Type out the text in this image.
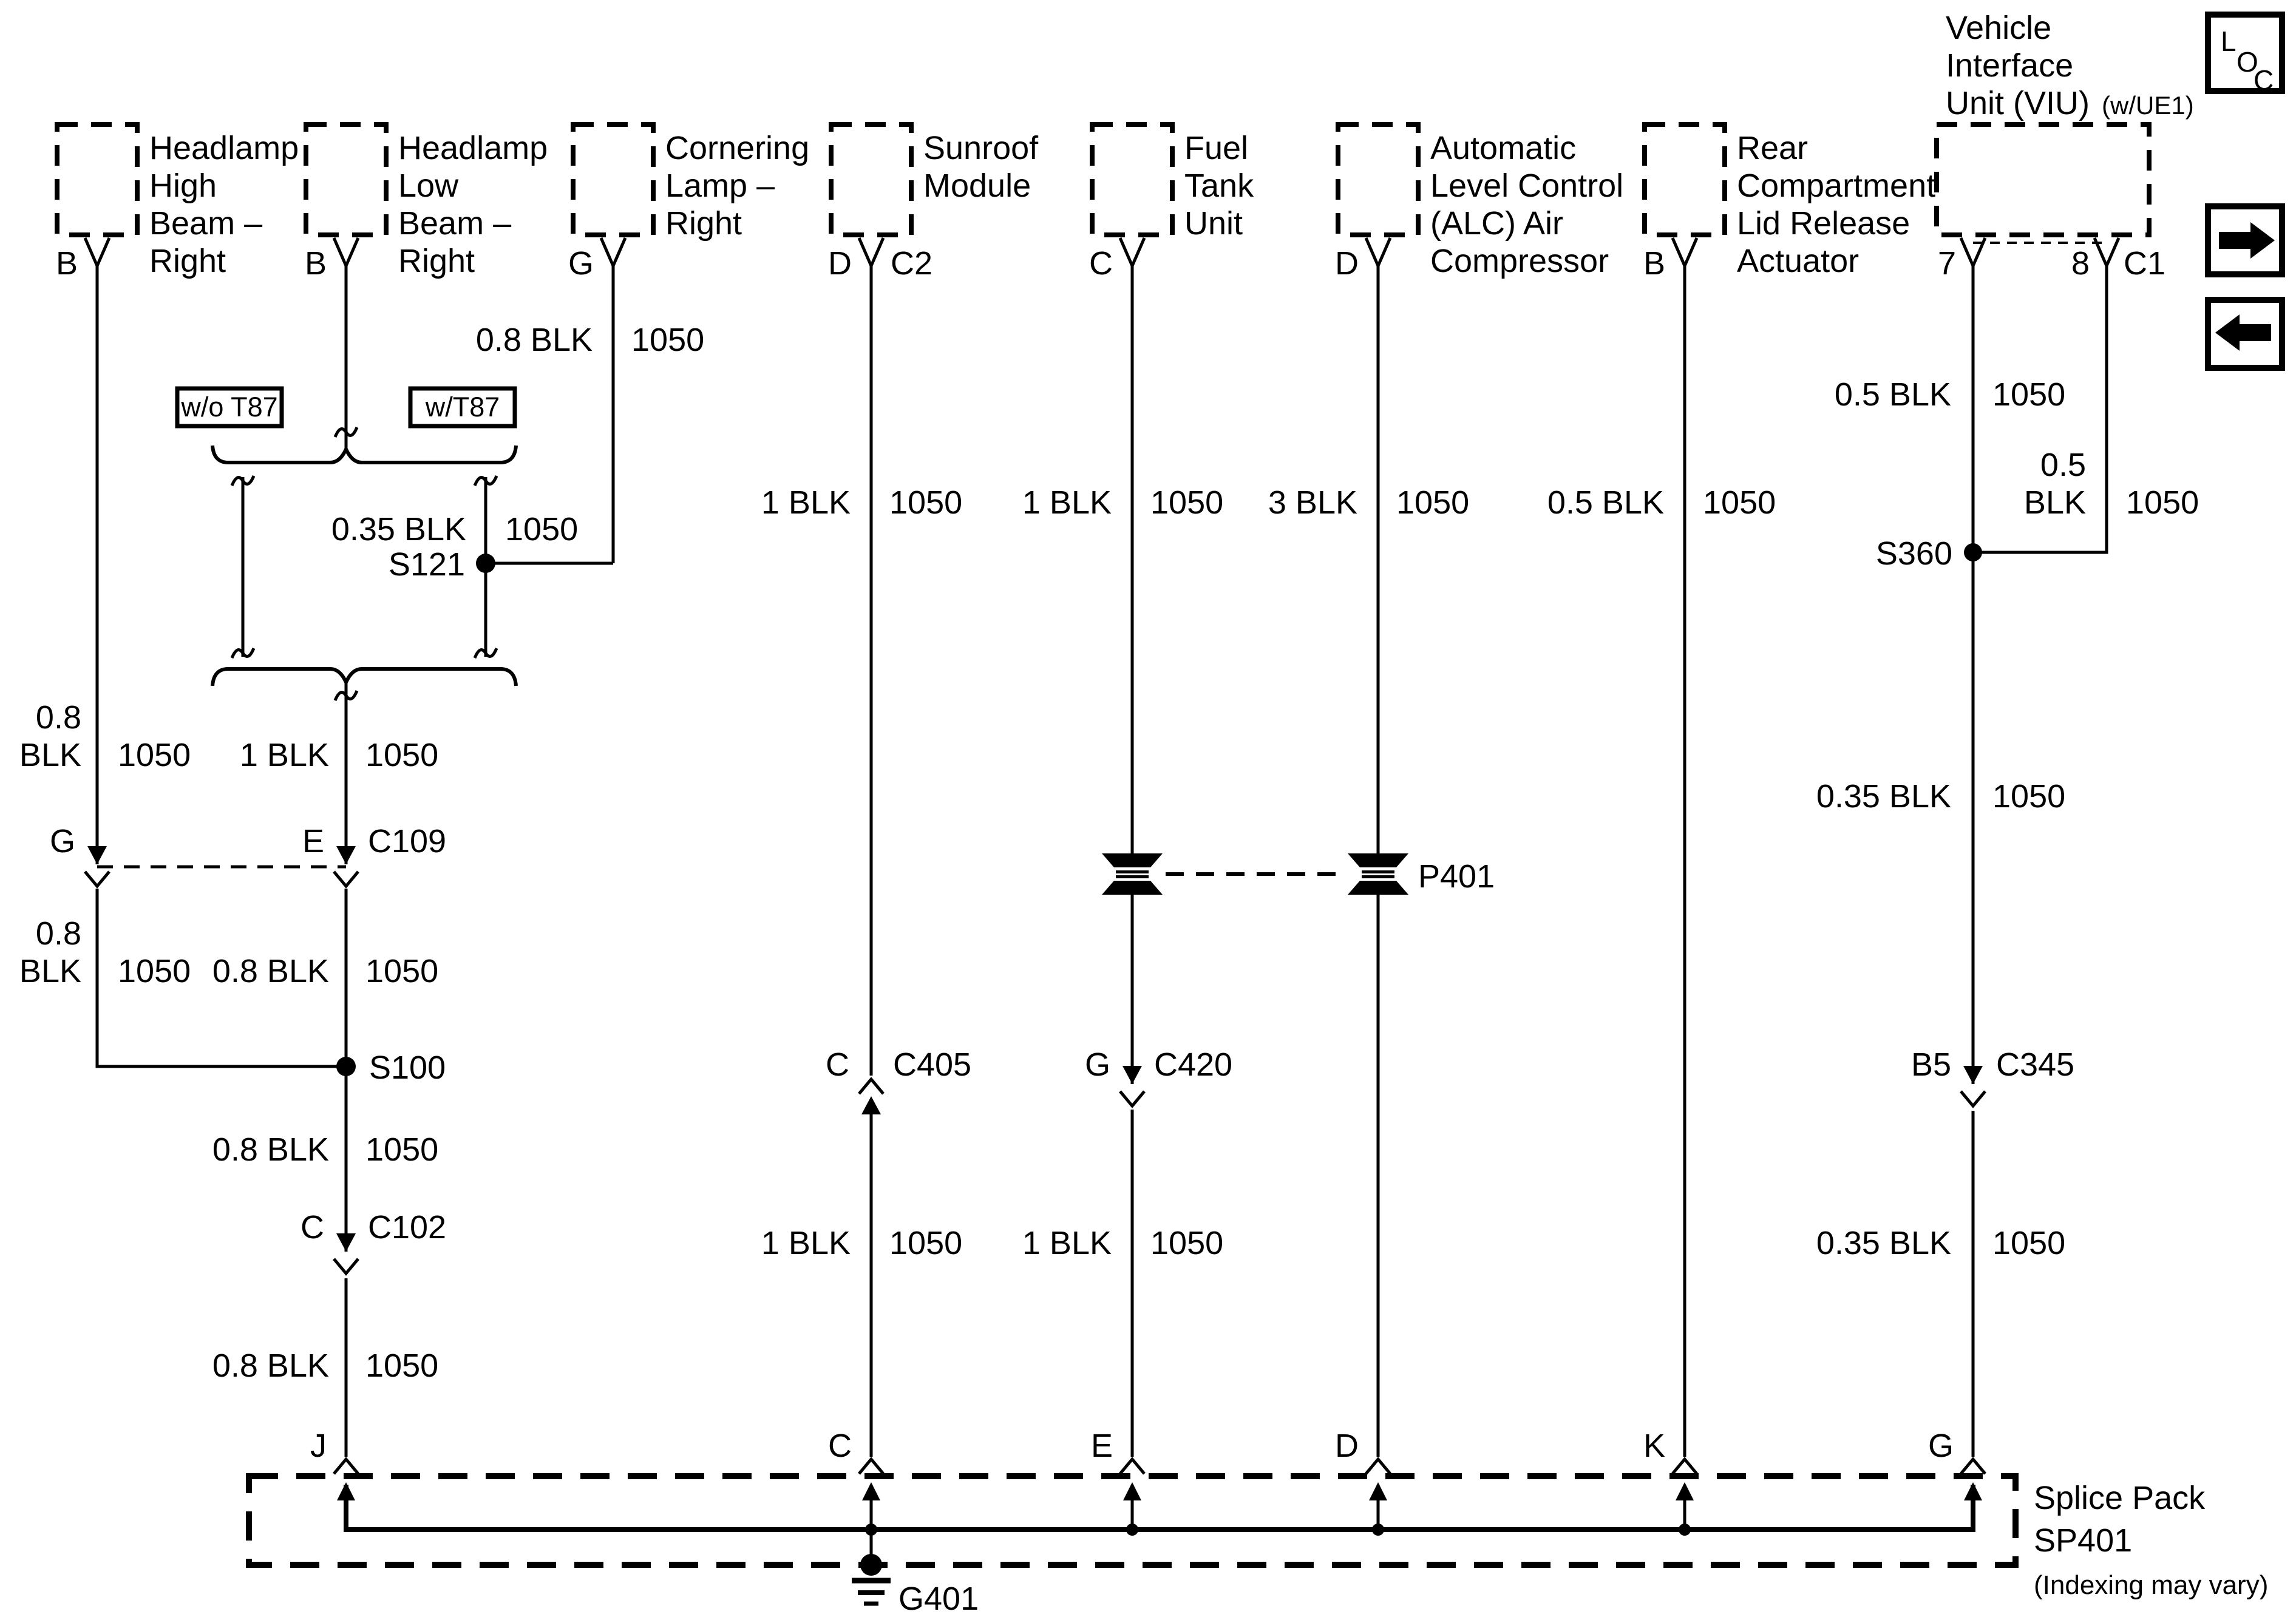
Headlamp
High
Beam –
Right
Headlamp
Low
Beam –
Right
Cornering
Lamp –
Right
Sunroof
Module
Fuel
Tank
Unit
Automatic
Level Control
(ALC) Air
Compressor
Rear
Compartment
Lid Release
Actuator
Vehicle
Interface
Unit (VIU) (w/UE1)
B	B	G	D C2	C	D	B	7	8 C1
w/o T87	w/T87
S121
S100
S360
G	E C109
C C102
C C405	G C420	B5 C345
P401
0.8 BLK 1050
0.5 BLK 1050
0.5
BLK 1050
0.35 BLK 1050
0.8
BLK 1050 1 BLK 1050
0.35 BLK 1050
0.8
BLK 1050 0.8 BLK 1050
0.8 BLK 1050
0.8 BLK 1050
1 BLK 1050 1 BLK 1050 3 BLK 1050 0.5 BLK 1050
1 BLK 1050 1 BLK 1050	0.35 BLK 1050
J	C	E	D	K	G
Splice Pack
SP401
(Indexing may vary)
G401
L
O
C
